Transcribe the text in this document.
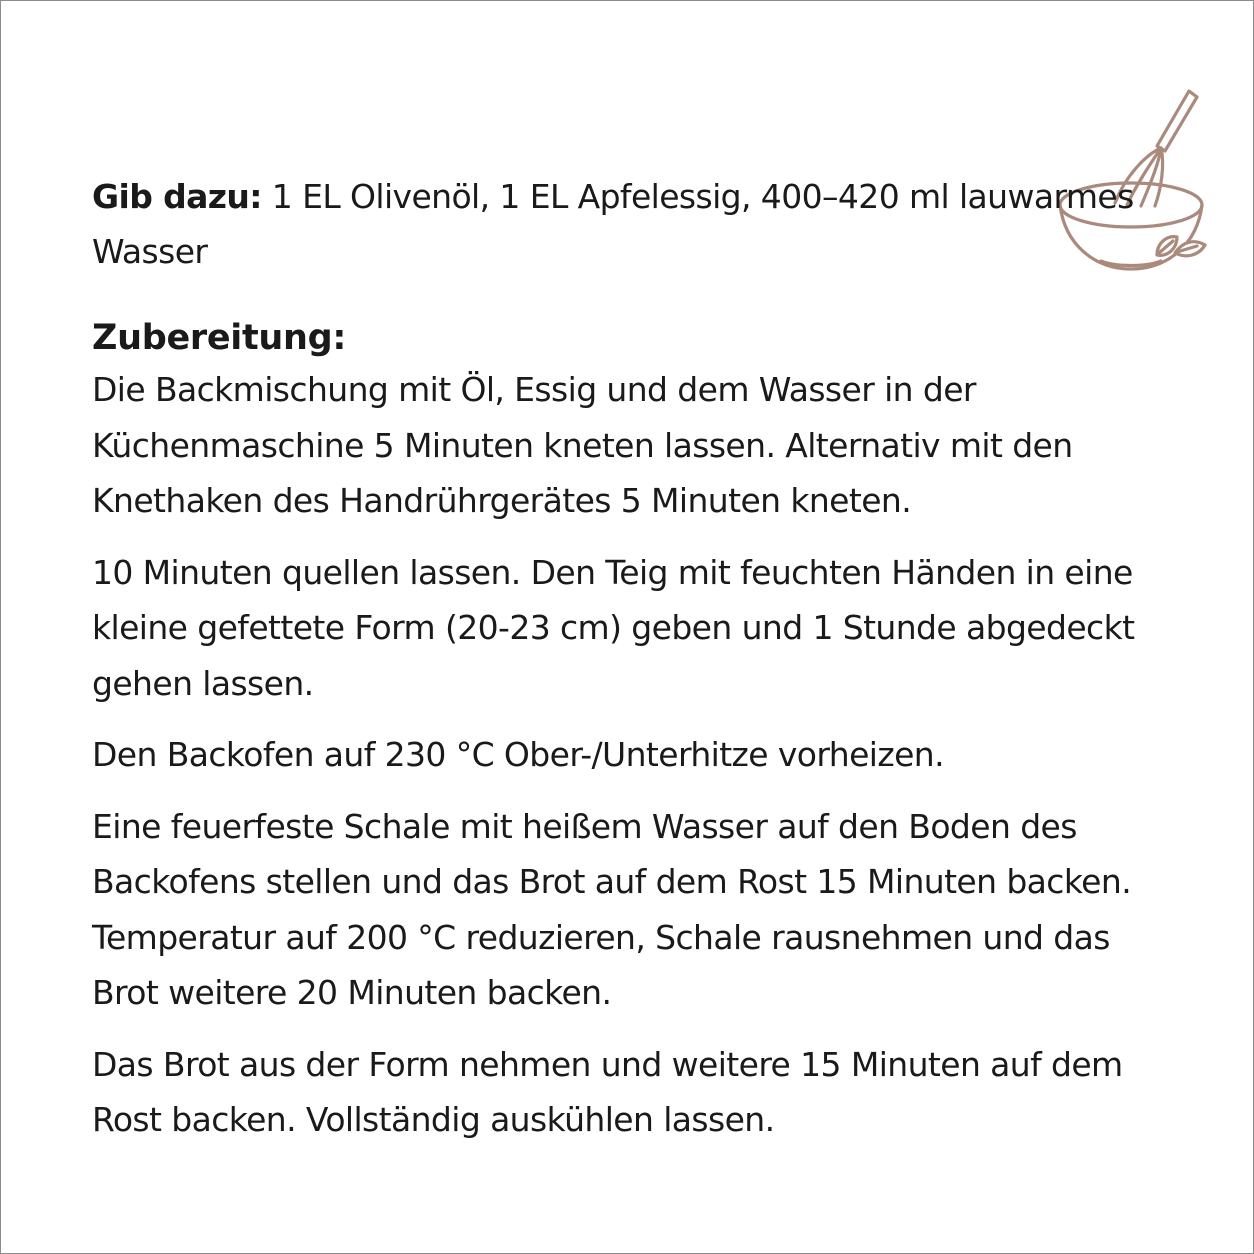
Gib dazu: 1 EL Olivenöl, 1 EL Apfelessig, 400–420 ml lauwarmes Wasser

Zubereitung:

Die Backmischung mit Öl, Essig und dem Wasser in der Küchenmaschine 5 Minuten kneten lassen. Alternativ mit den Knethaken des Handrührgerätes 5 Minuten kneten.

10 Minuten quellen lassen. Den Teig mit feuchten Händen in eine kleine gefettete Form (20-23 cm) geben und 1 Stunde abgedeckt gehen lassen.

Den Backofen auf 230 °C Ober-/Unterhitze vorheizen.

Eine feuerfeste Schale mit heißem Wasser auf den Boden des Backofens stellen und das Brot auf dem Rost 15 Minuten backen. Temperatur auf 200 °C reduzieren, Schale rausnehmen und das Brot weitere 20 Minuten backen.

Das Brot aus der Form nehmen und weitere 15 Minuten auf dem Rost backen. Vollständig auskühlen lassen.
